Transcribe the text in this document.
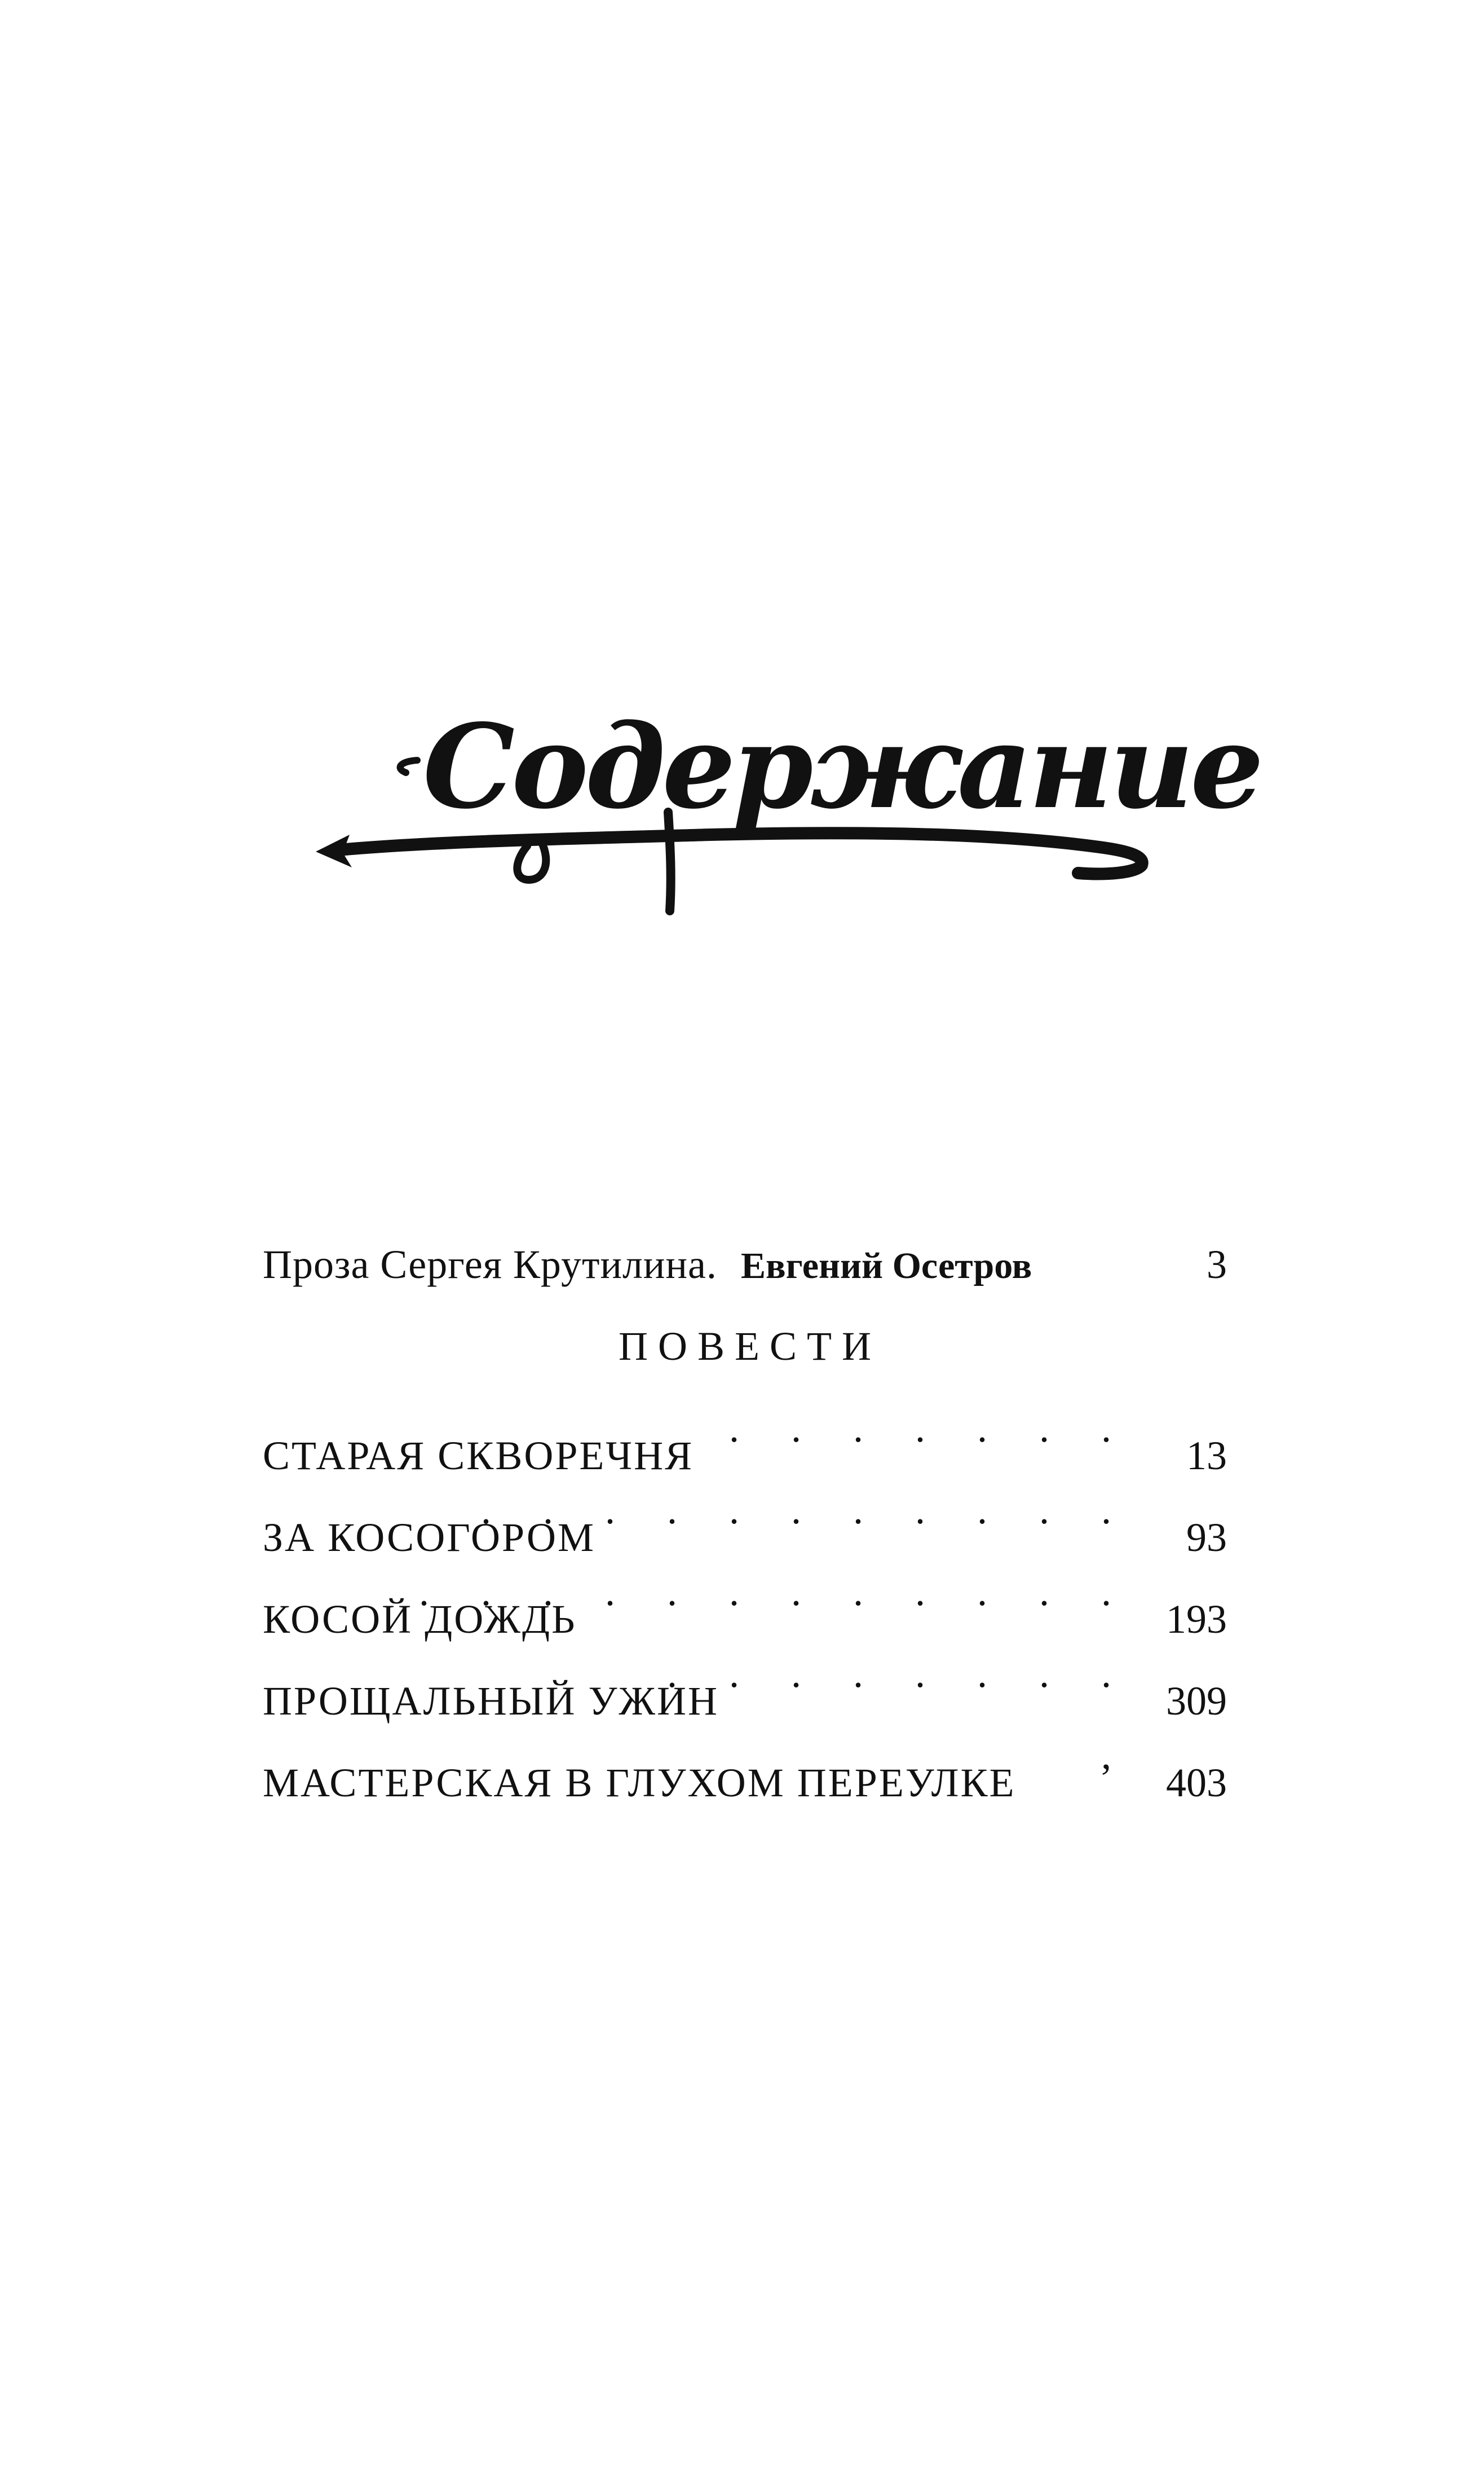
Содержание
Проза Сергея Крутилина. Евгений Осетров	3
ПОВЕСТИ
СТАРАЯ СКВОРЕЧНЯ
. . . . . . .
13
ЗА КОСОГОРОМ
. . . . . . . . . . .
93
КОСОЙ ДОЖДЬ
. . . . . . . . . . . .
193
ПРОЩАЛЬНЫЙ УЖИН
. . . . . . . .
309
МАСТЕРСКАЯ В ГЛУХОМ ПЕРЕУЛКЕ
,
403
